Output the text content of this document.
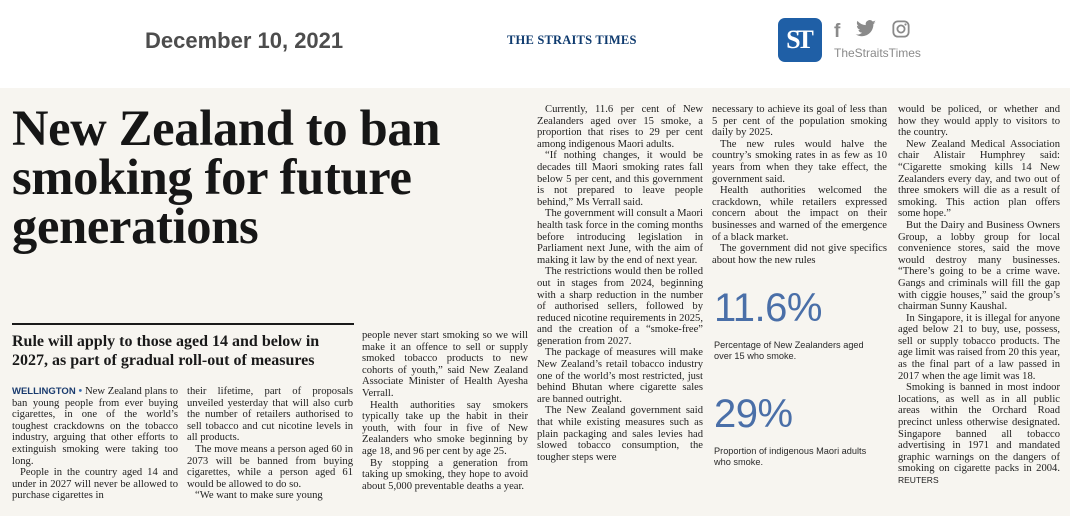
December 10, 2021	THE STRAITS TIMES	ST f
TheStraitsTimes
New Zealand to ban smoking for future generations
Rule will apply to those aged 14 and below in 2027, as part of gradual roll-out of measures

WELLINGTON • New Zealand plans to ban young people from ever buying cigarettes, in one of the world’s toughest crackdowns on the tobacco industry, arguing that other efforts to extinguish smoking were taking too long.

People in the country aged 14 and under in 2027 will never be allowed to purchase cigarettes in

their lifetime, part of proposals unveiled yesterday that will also curb the number of retailers authorised to sell tobacco and cut nicotine levels in all products.

The move means a person aged 60 in 2073 will be banned from buying cigarettes, while a person aged 61 would be allowed to do so.

“We want to make sure young

people never start smoking so we will make it an offence to sell or supply smoked tobacco products to new cohorts of youth,” said New Zealand Associate Minister of Health Ayesha Verrall.

Health authorities say smokers typically take up the habit in their youth, with four in five of New Zealanders who smoke beginning by age 18, and 96 per cent by age 25.

By stopping a generation from taking up smoking, they hope to avoid about 5,000 preventable deaths a year.

Currently, 11.6 per cent of New Zealanders aged over 15 smoke, a proportion that rises to 29 per cent among indigenous Maori adults.

“If nothing changes, it would be decades till Maori smoking rates fall below 5 per cent, and this government is not prepared to leave people behind,” Ms Verrall said.

The government will consult a Maori health task force in the coming months before introducing legislation in Parliament next June, with the aim of making it law by the end of next year.

The restrictions would then be rolled out in stages from 2024, beginning with a sharp reduction in the number of authorised sellers, followed by reduced nicotine requirements in 2025, and the creation of a “smoke-free” generation from 2027.

The package of measures will make New Zealand’s retail tobacco industry one of the world’s most restricted, just behind Bhutan where cigarette sales are banned outright.

The New Zealand government said that while existing measures such as plain packaging and sales levies had slowed tobacco consumption, the tougher steps were

necessary to achieve its goal of less than 5 per cent of the population smoking daily by 2025.

The new rules would halve the country’s smoking rates in as few as 10 years from when they take effect, the government said.

Health authorities welcomed the crackdown, while retailers expressed concern about the impact on their businesses and warned of the emergence of a black market.

The government did not give specifics about how the new rules

11.6%
Percentage of New Zealanders aged over 15 who smoke.
29%
Proportion of indigenous Maori adults who smoke.

would be policed, or whether and how they would apply to visitors to the country.

New Zealand Medical Association chair Alistair Humphrey said: “Cigarette smoking kills 14 New Zealanders every day, and two out of three smokers will die as a result of smoking. This action plan offers some hope.”

But the Dairy and Business Owners Group, a lobby group for local convenience stores, said the move would destroy many businesses. “There’s going to be a crime wave. Gangs and criminals will fill the gap with ciggie houses,” said the group’s chairman Sunny Kaushal.

In Singapore, it is illegal for anyone aged below 21 to buy, use, possess, sell or supply tobacco products. The age limit was raised from 20 this year, as the final part of a law passed in 2017 when the age limit was 18.

Smoking is banned in most indoor locations, as well as in all public areas within the Orchard Road precinct unless otherwise designated. Singapore banned all tobacco advertising in 1971 and mandated graphic warnings on the dangers of smoking on cigarette packs in 2004. REUTERS
